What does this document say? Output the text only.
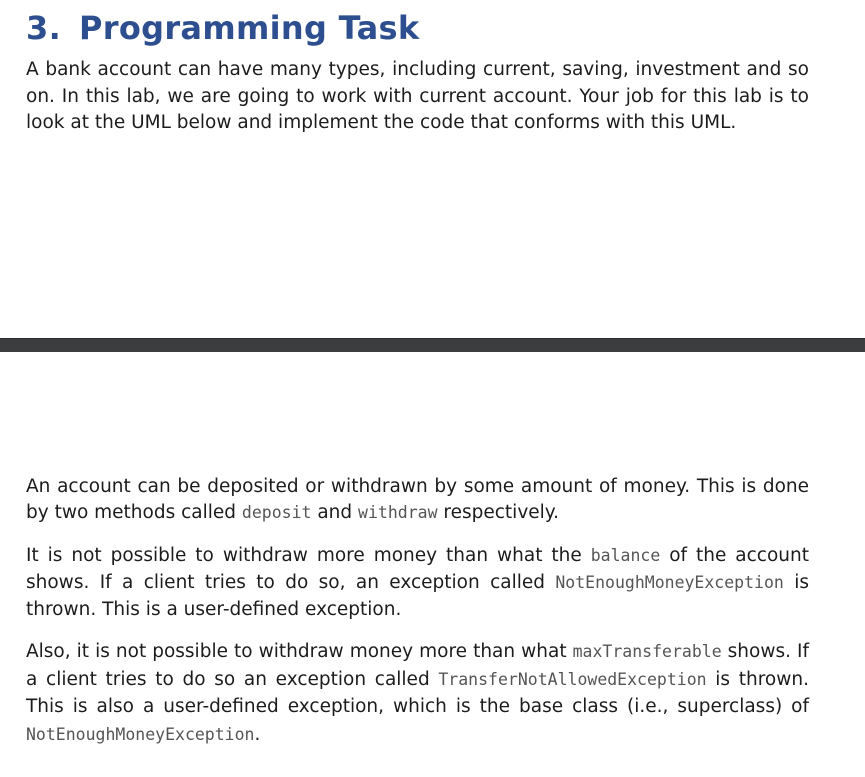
3. Programming Task

A bank account can have many types, including current, saving, investment and so on. In this lab, we are going to work with current account. Your job for this lab is to look at the UML below and implement the code that conforms with this UML.

An account can be deposited or withdrawn by some amount of money. This is done by two methods called deposit and withdraw respectively.

It is not possible to withdraw more money than what the balance of the account shows. If a client tries to do so, an exception called NotEnoughMoneyException is thrown. This is a user-defined exception.

Also, it is not possible to withdraw money more than what maxTransferable shows. If a client tries to do so an exception called TransferNotAllowedException is thrown. This is also a user-defined exception, which is the base class (i.e., superclass) of NotEnoughMoneyException.
